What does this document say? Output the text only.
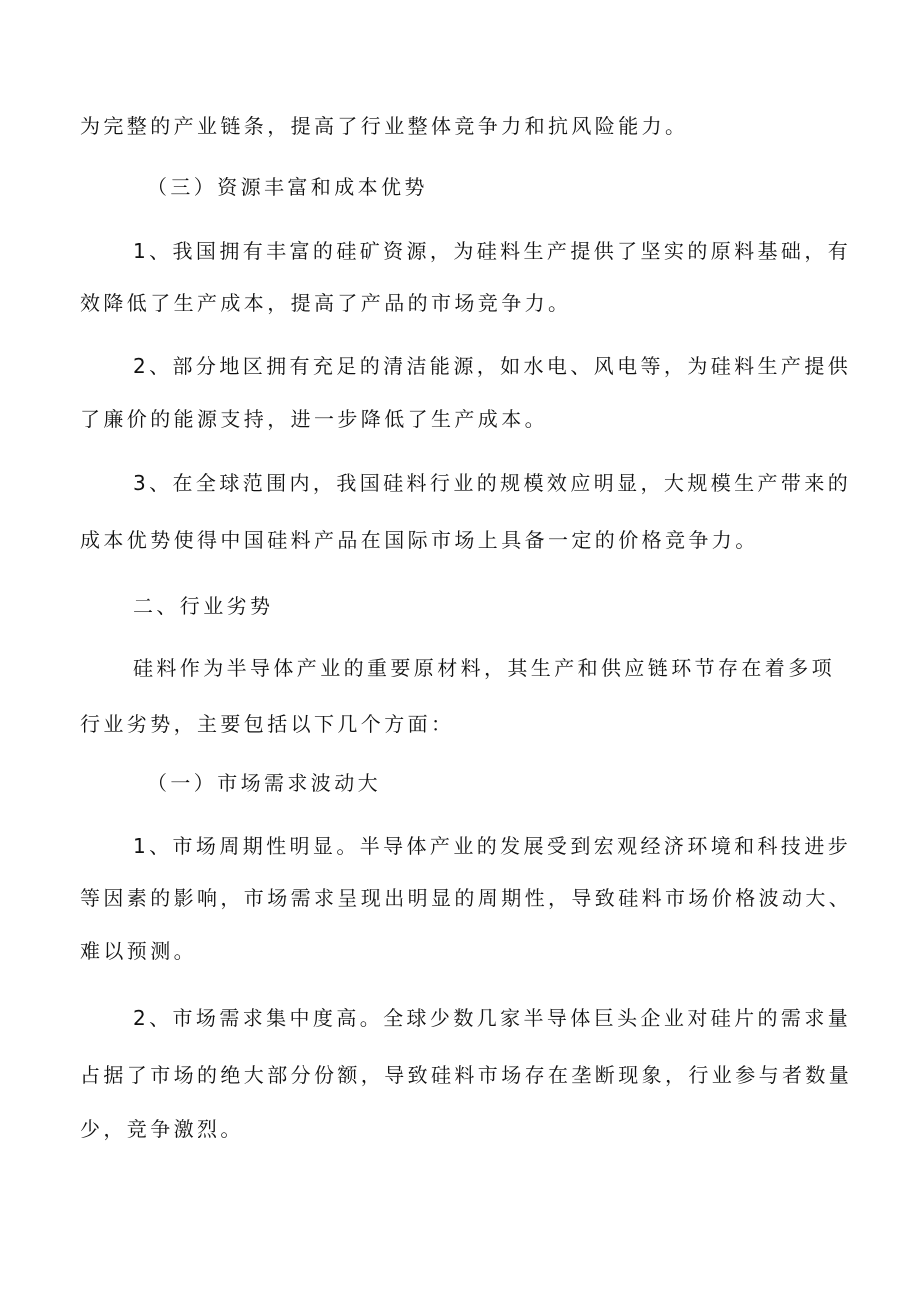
为完整的产业链条，提高了行业整体竞争力和抗风险能力。
（三）资源丰富和成本优势
1、我国拥有丰富的硅矿资源，为硅料生产提供了坚实的原料基础，有
效降低了生产成本，提高了产品的市场竞争力。
2、部分地区拥有充足的清洁能源，如水电、风电等，为硅料生产提供
了廉价的能源支持，进一步降低了生产成本。
3、在全球范围内，我国硅料行业的规模效应明显，大规模生产带来的
成本优势使得中国硅料产品在国际市场上具备一定的价格竞争力。
二、行业劣势
硅料作为半导体产业的重要原材料，其生产和供应链环节存在着多项
行业劣势，主要包括以下几个方面：
（一）市场需求波动大
1、市场周期性明显。半导体产业的发展受到宏观经济环境和科技进步
等因素的影响，市场需求呈现出明显的周期性，导致硅料市场价格波动大、
难以预测。
2、市场需求集中度高。全球少数几家半导体巨头企业对硅片的需求量
占据了市场的绝大部分份额，导致硅料市场存在垄断现象，行业参与者数量
少，竞争激烈。
